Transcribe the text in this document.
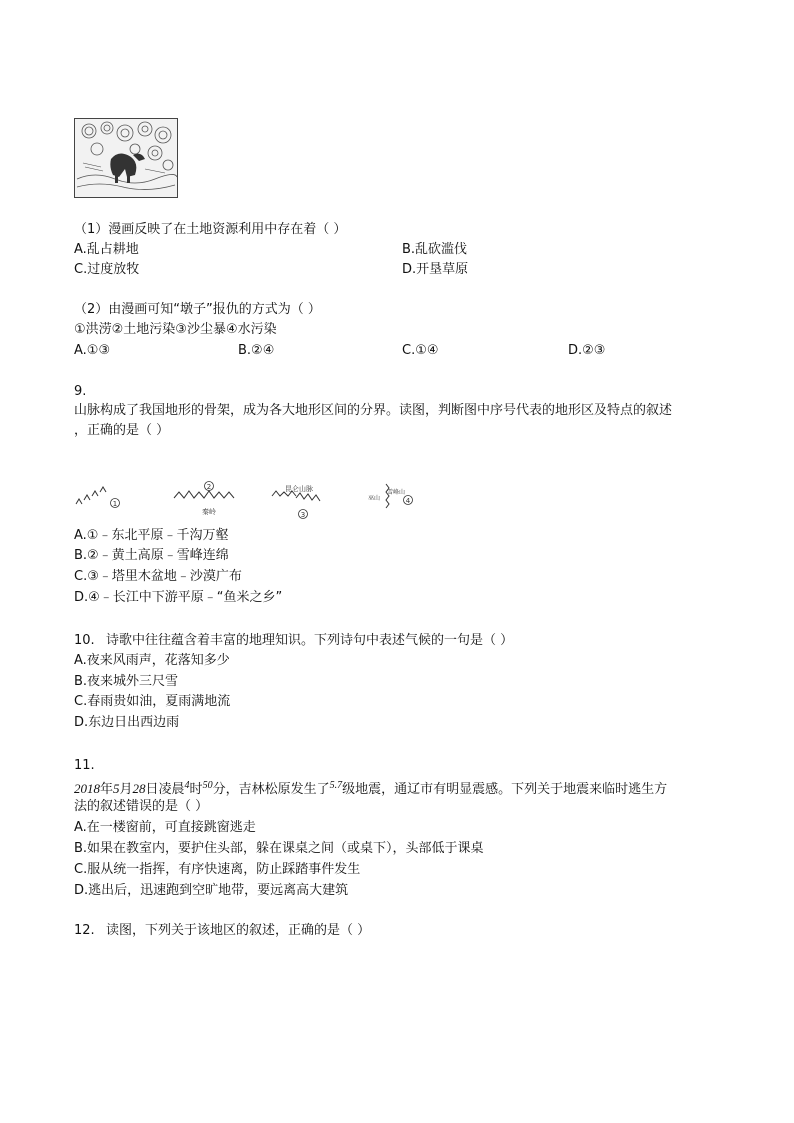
（1）漫画反映了在土地资源利用中存在着（ ）
A.乱占耕地	B.乱砍滥伐
C.过度放牧	D.开垦草原
（2）由漫画可知“墩子”报仇的方式为（ ）
①洪涝②土地污染③沙尘暴④水污染
A.①③	B.②④	C.①④	D.②③
9.
山脉构成了我国地形的骨架，成为各大地形区间的分界。读图，判断图中序号代表的地形区及特点的叙述
，正确的是（ ）
1
2
秦岭
昆仑山脉
3
巫山
雪峰山
4
A.①﹣东北平原﹣千沟万壑
B.②﹣黄土高原﹣雪峰连绵
C.③﹣塔里木盆地﹣沙漠广布
D.④﹣长江中下游平原﹣“鱼米之乡”
10. 诗歌中往往蕴含着丰富的地理知识。下列诗句中表述气候的一句是（ ）
A.夜来风雨声，花落知多少
B.夜来城外三尺雪
C.春雨贵如油，夏雨满地流
D.东边日出西边雨
11.
2018年5月28日凌晨$^4$时$^{50}$分，吉林松原发生了$^{5.7}$级地震，通辽市有明显震感。下列关于地震来临时逃生方
法的叙述错误的是（ ）
A.在一楼窗前，可直接跳窗逃走
B.如果在教室内，要护住头部，躲在课桌之间（或桌下），头部低于课桌
C.服从统一指挥，有序快速离，防止踩踏事件发生
D.逃出后，迅速跑到空旷地带，要远离高大建筑
12. 读图，下列关于该地区的叙述，正确的是（ ）
